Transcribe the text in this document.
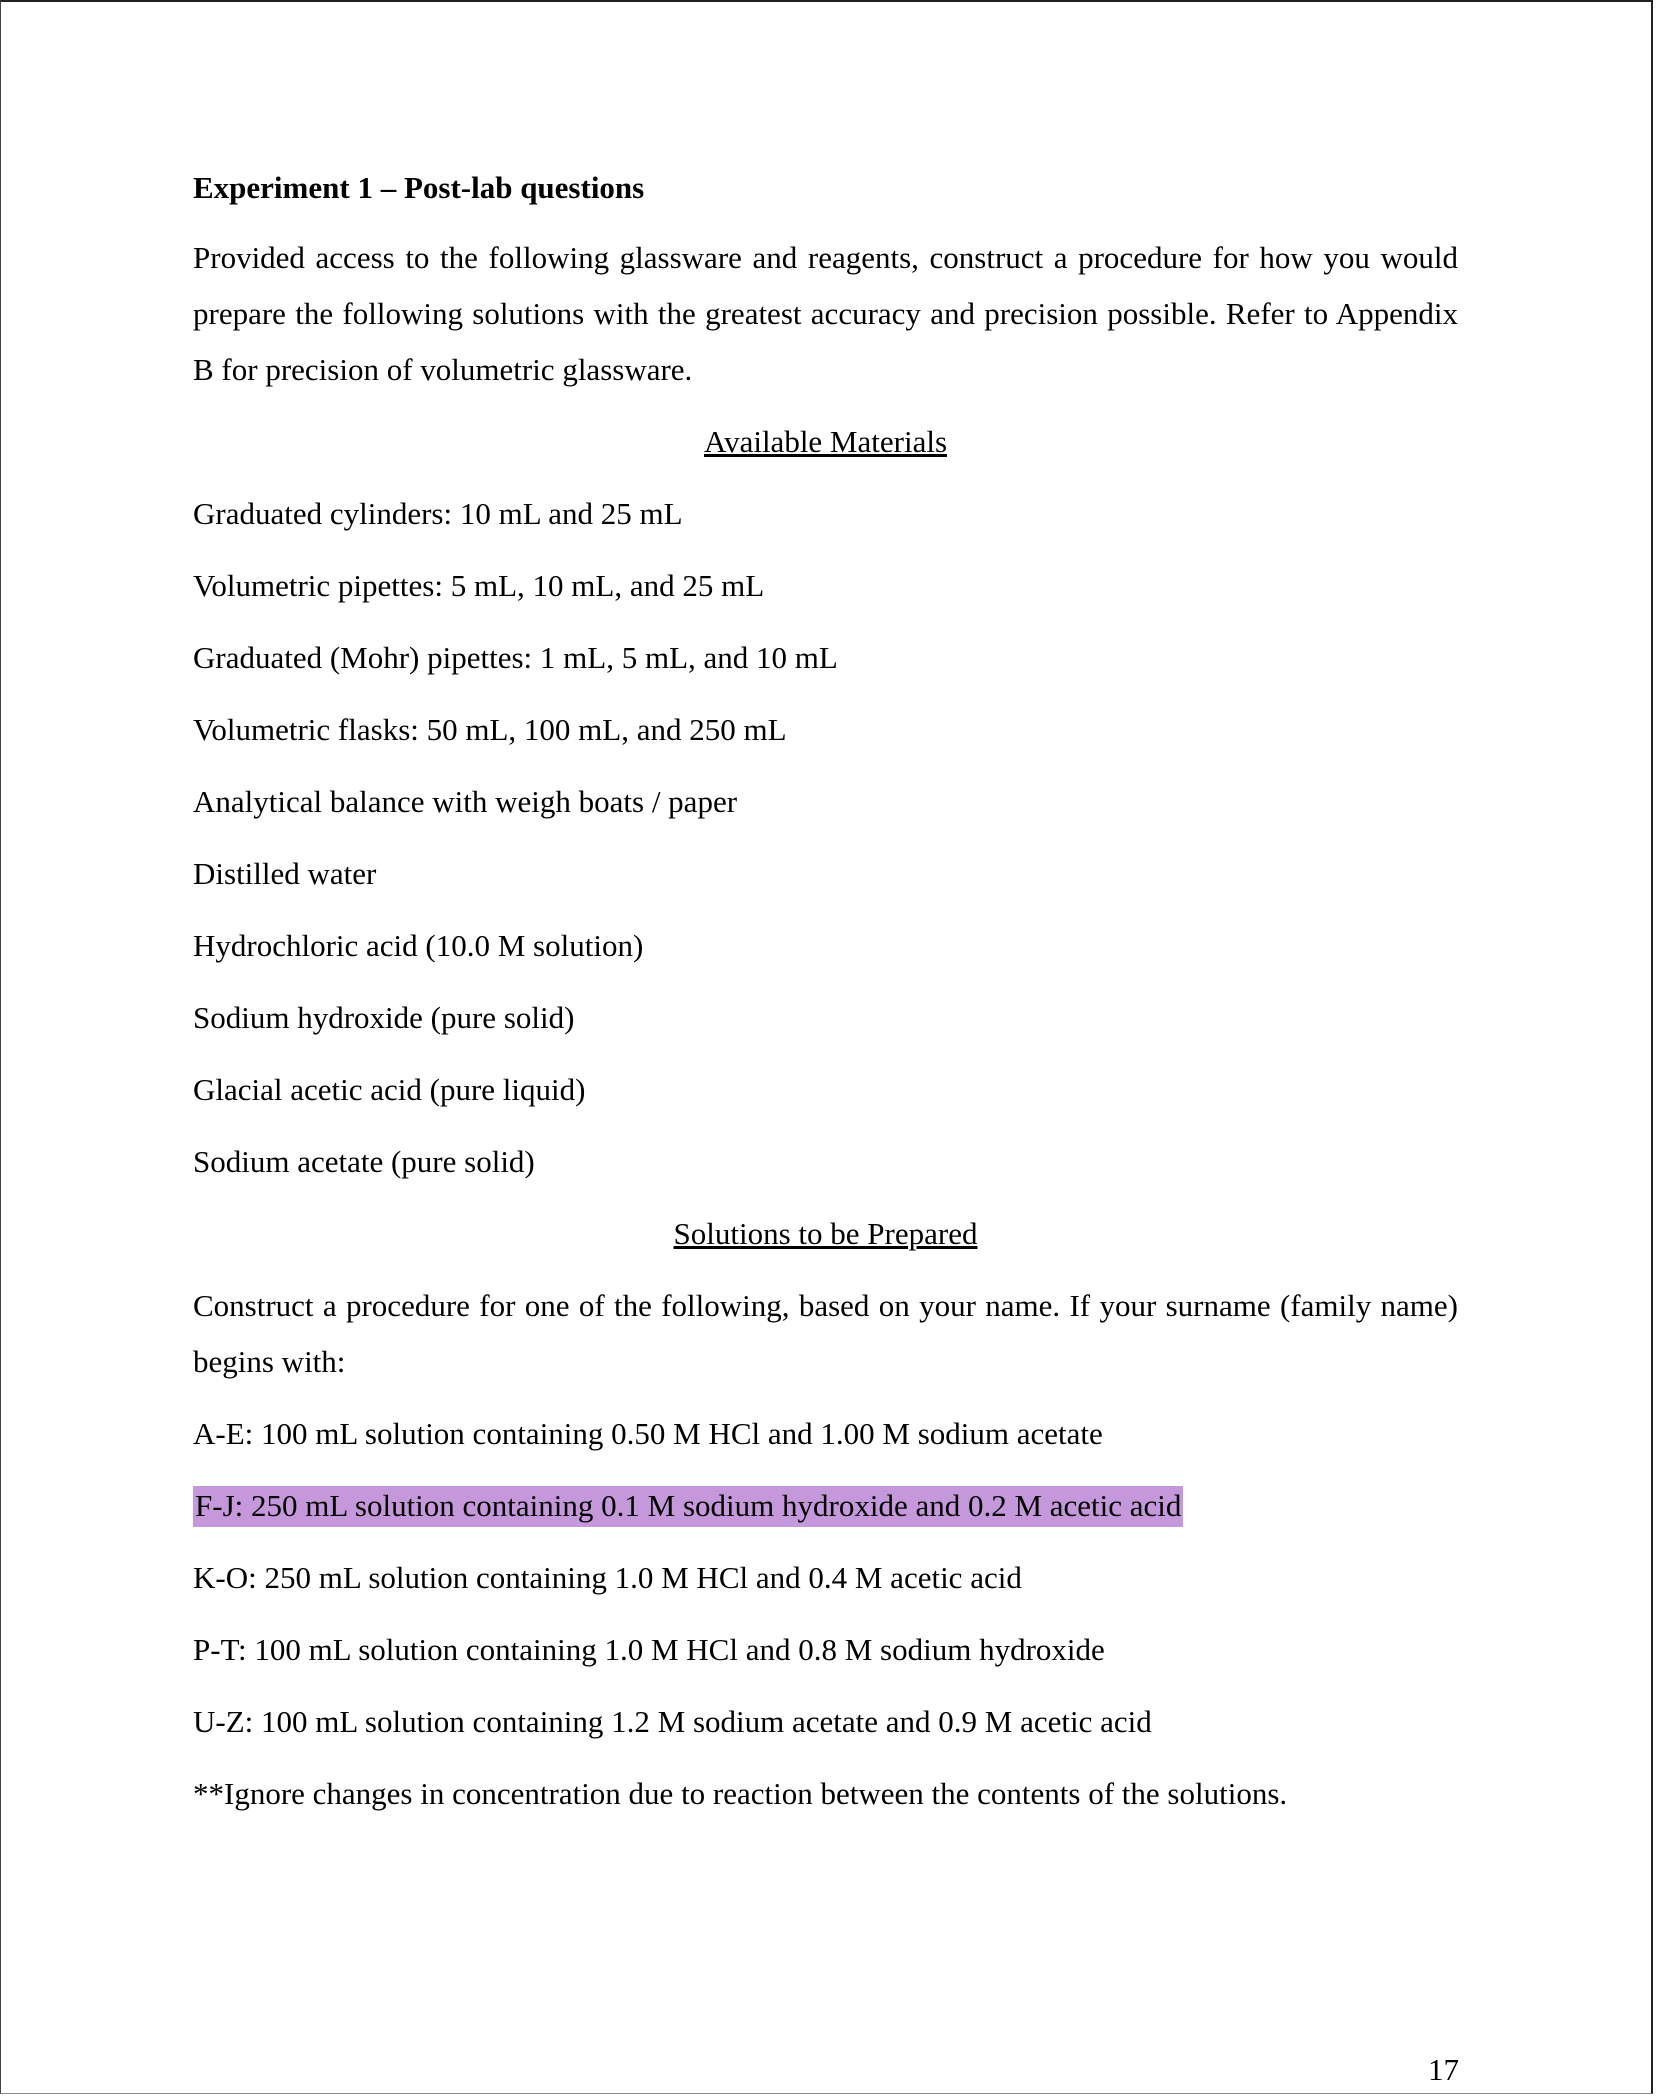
Experiment 1 – Post-lab questions
Provided access to the following glassware and reagents, construct a procedure for how you would prepare the following solutions with the greatest accuracy and precision possible. Refer to Appendix B for precision of volumetric glassware.
Available Materials
Graduated cylinders: 10 mL and 25 mL
Volumetric pipettes: 5 mL, 10 mL, and 25 mL
Graduated (Mohr) pipettes: 1 mL, 5 mL, and 10 mL
Volumetric flasks: 50 mL, 100 mL, and 250 mL
Analytical balance with weigh boats / paper
Distilled water
Hydrochloric acid (10.0 M solution)
Sodium hydroxide (pure solid)
Glacial acetic acid (pure liquid)
Sodium acetate (pure solid)
Solutions to be Prepared
Construct a procedure for one of the following, based on your name. If your surname (family name) begins with:
A-E: 100 mL solution containing 0.50 M HCl and 1.00 M sodium acetate
F-J: 250 mL solution containing 0.1 M sodium hydroxide and 0.2 M acetic acid
K-O: 250 mL solution containing 1.0 M HCl and 0.4 M acetic acid
P-T: 100 mL solution containing 1.0 M HCl and 0.8 M sodium hydroxide
U-Z: 100 mL solution containing 1.2 M sodium acetate and 0.9 M acetic acid
**Ignore changes in concentration due to reaction between the contents of the solutions.
17
